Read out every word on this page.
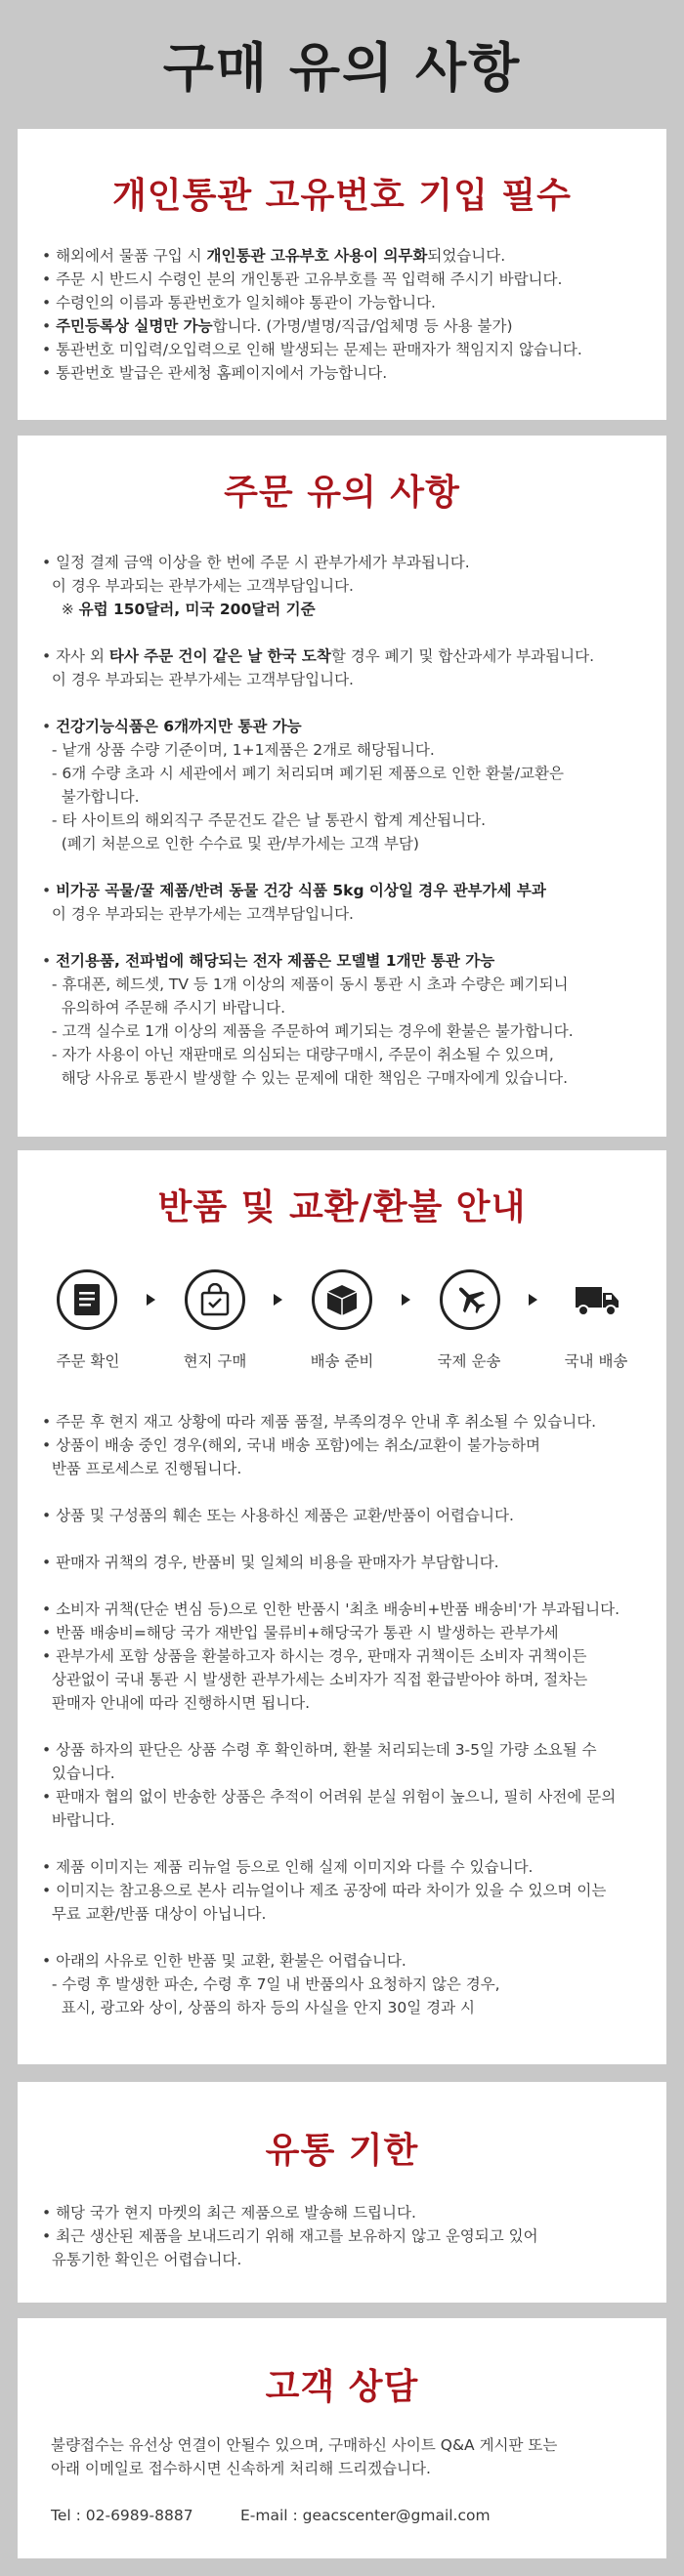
구매 유의 사항
개인통관 고유번호 기입 필수
• 해외에서 물품 구입 시 개인통관 고유부호 사용이 의무화되었습니다.
• 주문 시 반드시 수령인 분의 개인통관 고유부호를 꼭 입력해 주시기 바랍니다.
• 수령인의 이름과 통관번호가 일치해야 통관이 가능합니다.
• 주민등록상 실명만 가능합니다. (가명/별명/직급/업체명 등 사용 불가)
• 통관번호 미입력/오입력으로 인해 발생되는 문제는 판매자가 책임지지 않습니다.
• 통관번호 발급은 관세청 홈페이지에서 가능합니다.
주문 유의 사항
• 일정 결제 금액 이상을 한 번에 주문 시 관부가세가 부과됩니다.
이 경우 부과되는 관부가세는 고객부담입니다.
※ 유럽 150달러, 미국 200달러 기준
• 자사 외 타사 주문 건이 같은 날 한국 도착할 경우 폐기 및 합산과세가 부과됩니다.
이 경우 부과되는 관부가세는 고객부담입니다.
• 건강기능식품은 6개까지만 통관 가능
- 낱개 상품 수량 기준이며, 1+1제품은 2개로 해당됩니다.
- 6개 수량 초과 시 세관에서 폐기 처리되며 폐기된 제품으로 인한 환불/교환은
불가합니다.
- 타 사이트의 해외직구 주문건도 같은 날 통관시 합계 계산됩니다.
(폐기 처분으로 인한 수수료 및 관/부가세는 고객 부담)
• 비가공 곡물/꿀 제품/반려 동물 건강 식품 5kg 이상일 경우 관부가세 부과
이 경우 부과되는 관부가세는 고객부담입니다.
• 전기용품, 전파법에 해당되는 전자 제품은 모델별 1개만 통관 가능
- 휴대폰, 헤드셋, TV 등 1개 이상의 제품이 동시 통관 시 초과 수량은 폐기되니
유의하여 주문해 주시기 바랍니다.
- 고객 실수로 1개 이상의 제품을 주문하여 폐기되는 경우에 환불은 불가합니다.
- 자가 사용이 아닌 재판매로 의심되는 대량구매시, 주문이 취소될 수 있으며,
해당 사유로 통관시 발생할 수 있는 문제에 대한 책임은 구매자에게 있습니다.
반품 및 교환/환불 안내
주문 확인	현지 구매	배송 준비	국제 운송	국내 배송
• 주문 후 현지 재고 상황에 따라 제품 품절, 부족의경우 안내 후 취소될 수 있습니다.
• 상품이 배송 중인 경우(해외, 국내 배송 포함)에는 취소/교환이 불가능하며
반품 프로세스로 진행됩니다.
• 상품 및 구성품의 훼손 또는 사용하신 제품은 교환/반품이 어렵습니다.
• 판매자 귀책의 경우, 반품비 및 일체의 비용을 판매자가 부담합니다.
• 소비자 귀책(단순 변심 등)으로 인한 반품시 '최초 배송비+반품 배송비'가 부과됩니다.
• 반품 배송비=해당 국가 재반입 물류비+해당국가 통관 시 발생하는 관부가세
• 관부가세 포함 상품을 환불하고자 하시는 경우, 판매자 귀책이든 소비자 귀책이든
상관없이 국내 통관 시 발생한 관부가세는 소비자가 직접 환급받아야 하며, 절차는
판매자 안내에 따라 진행하시면 됩니다.
• 상품 하자의 판단은 상품 수령 후 확인하며, 환불 처리되는데 3-5일 가량 소요될 수
있습니다.
• 판매자 협의 없이 반송한 상품은 추적이 어려워 분실 위험이 높으니, 필히 사전에 문의
바랍니다.
• 제품 이미지는 제품 리뉴얼 등으로 인해 실제 이미지와 다를 수 있습니다.
• 이미지는 참고용으로 본사 리뉴얼이나 제조 공장에 따라 차이가 있을 수 있으며 이는
무료 교환/반품 대상이 아닙니다.
• 아래의 사유로 인한 반품 및 교환, 환불은 어렵습니다.
- 수령 후 발생한 파손, 수령 후 7일 내 반품의사 요청하지 않은 경우,
표시, 광고와 상이, 상품의 하자 등의 사실을 안지 30일 경과 시
유통 기한
• 해당 국가 현지 마켓의 최근 제품으로 발송해 드립니다.
• 최근 생산된 제품을 보내드리기 위해 재고를 보유하지 않고 운영되고 있어
유통기한 확인은 어렵습니다.
고객 상담
불량접수는 유선상 연결이 안될수 있으며, 구매하신 사이트 Q&A 게시판 또는
아래 이메일로 접수하시면 신속하게 처리해 드리겠습니다.
Tel : 02-6989-8887	E-mail : geacscenter@gmail.com
